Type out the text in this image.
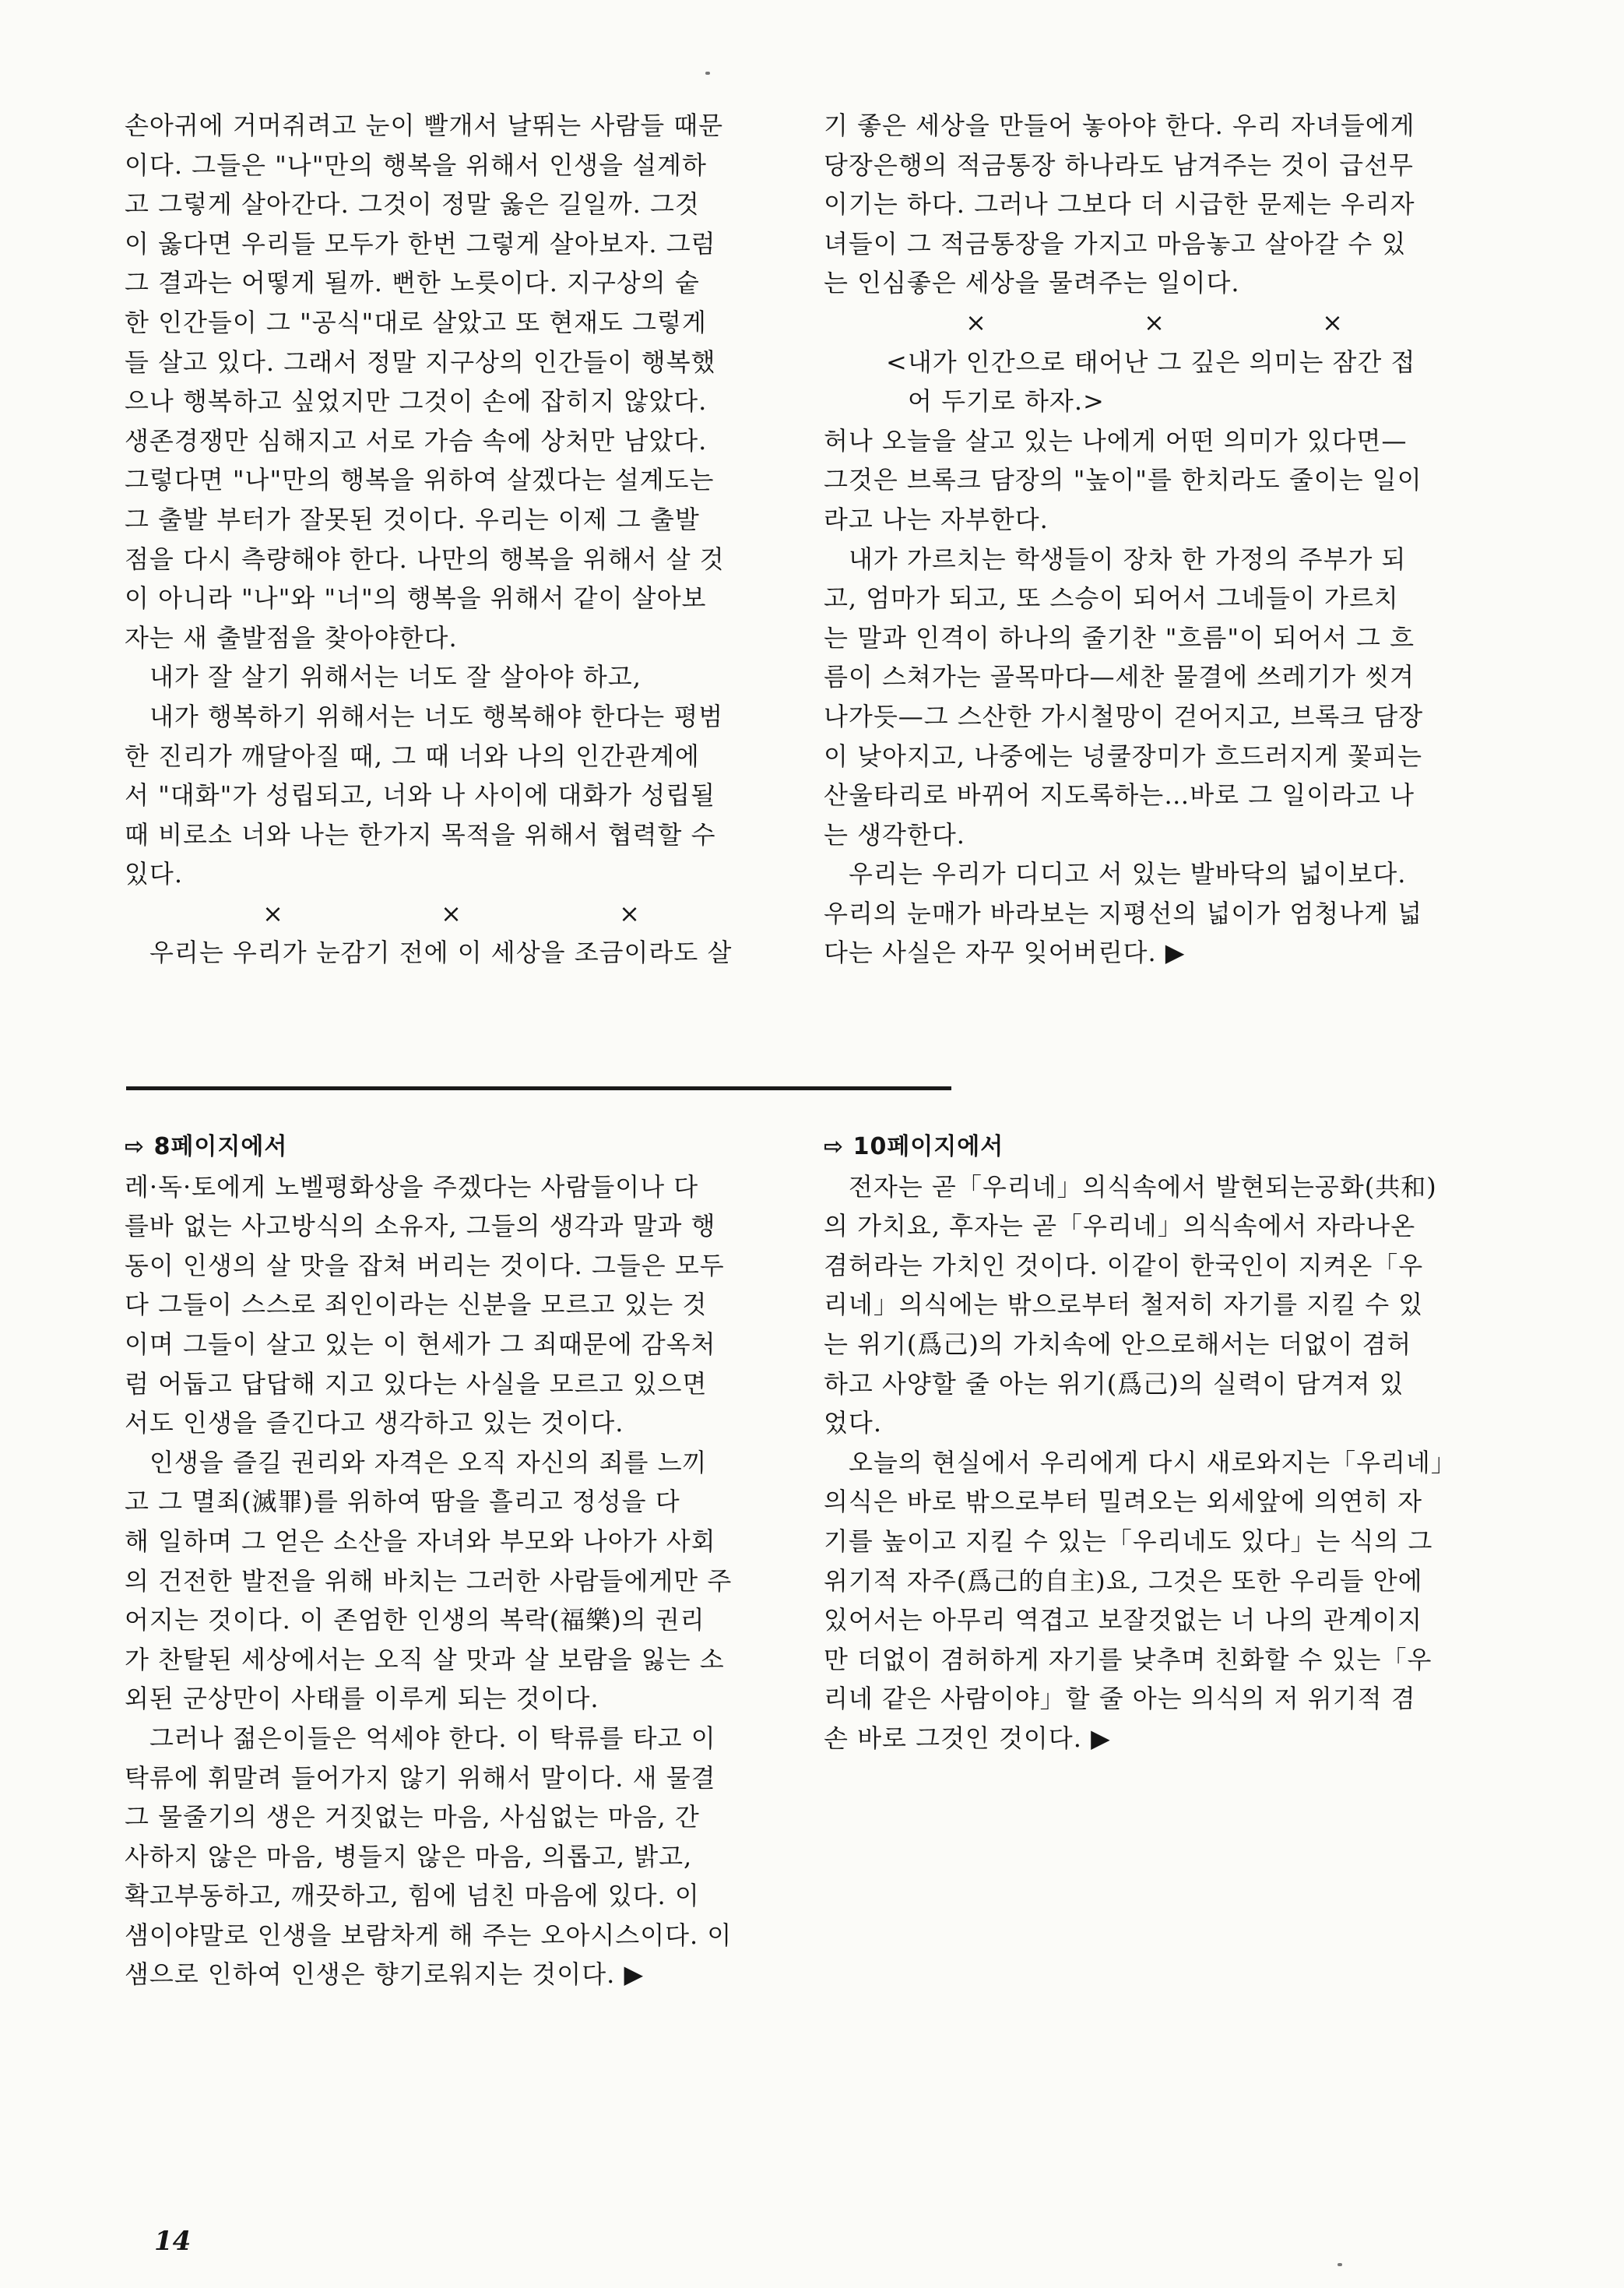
손아귀에 거머쥐려고 눈이 빨개서 날뛰는 사람들 때문

이다. 그들은 "나"만의 행복을 위해서 인생을 설계하

고 그렇게 살아간다. 그것이 정말 옳은 길일까. 그것

이 옳다면 우리들 모두가 한번 그렇게 살아보자. 그럼

그 결과는 어떻게 될까. 뻔한 노릇이다. 지구상의 숱

한 인간들이 그 "공식"대로 살았고 또 현재도 그렇게

들 살고 있다. 그래서 정말 지구상의 인간들이 행복했

으나 행복하고 싶었지만 그것이 손에 잡히지 않았다.

생존경쟁만 심해지고 서로 가슴 속에 상처만 남았다.

그렇다면 "나"만의 행복을 위하여 살겠다는 설계도는

그 출발 부터가 잘못된 것이다. 우리는 이제 그 출발

점을 다시 측량해야 한다. 나만의 행복을 위해서 살 것

이 아니라 "나"와 "너"의 행복을 위해서 같이 살아보

자는 새 출발점을 찾아야한다.

내가 잘 살기 위해서는 너도 잘 살아야 하고,

내가 행복하기 위해서는 너도 행복해야 한다는 평범

한 진리가 깨달아질 때, 그 때 너와 나의 인간관계에

서 "대화"가 성립되고, 너와 나 사이에 대화가 성립될

때 비로소 너와 나는 한가지 목적을 위해서 협력할 수

있다.

× × ×

우리는 우리가 눈감기 전에 이 세상을 조금이라도 살

기 좋은 세상을 만들어 놓아야 한다. 우리 자녀들에게

당장은행의 적금통장 하나라도 남겨주는 것이 급선무

이기는 하다. 그러나 그보다 더 시급한 문제는 우리자

녀들이 그 적금통장을 가지고 마음놓고 살아갈 수 있

는 인심좋은 세상을 물려주는 일이다.

× × ×

<내가 인간으로 태어난 그 깊은 의미는 잠간 접

어 두기로 하자.>

허나 오늘을 살고 있는 나에게 어떤 의미가 있다면—

그것은 브록크 담장의 "높이"를 한치라도 줄이는 일이

라고 나는 자부한다.

내가 가르치는 학생들이 장차 한 가정의 주부가 되

고, 엄마가 되고, 또 스승이 되어서 그네들이 가르치

는 말과 인격이 하나의 줄기찬 "흐름"이 되어서 그 흐

름이 스쳐가는 골목마다—세찬 물결에 쓰레기가 씻겨

나가듯—그 스산한 가시철망이 걷어지고, 브록크 담장

이 낮아지고, 나중에는 넝쿨장미가 흐드러지게 꽃피는

산울타리로 바뀌어 지도록하는…바로 그 일이라고 나

는 생각한다.

우리는 우리가 디디고 서 있는 발바닥의 넓이보다.

우리의 눈매가 바라보는 지평선의 넓이가 엄청나게 넓

다는 사실은 자꾸 잊어버린다. ▶

⇨ 8페이지에서

레·독·토에게 노벨평화상을 주겠다는 사람들이나 다

를바 없는 사고방식의 소유자, 그들의 생각과 말과 행

동이 인생의 살 맛을 잡쳐 버리는 것이다. 그들은 모두

다 그들이 스스로 죄인이라는 신분을 모르고 있는 것

이며 그들이 살고 있는 이 현세가 그 죄때문에 감옥처

럼 어둡고 답답해 지고 있다는 사실을 모르고 있으면

서도 인생을 즐긴다고 생각하고 있는 것이다.

인생을 즐길 권리와 자격은 오직 자신의 죄를 느끼

고 그 멸죄(滅罪)를 위하여 땀을 흘리고 정성을 다

해 일하며 그 얻은 소산을 자녀와 부모와 나아가 사회

의 건전한 발전을 위해 바치는 그러한 사람들에게만 주

어지는 것이다. 이 존엄한 인생의 복락(福樂)의 권리

가 찬탈된 세상에서는 오직 살 맛과 살 보람을 잃는 소

외된 군상만이 사태를 이루게 되는 것이다.

그러나 젊은이들은 억세야 한다. 이 탁류를 타고 이

탁류에 휘말려 들어가지 않기 위해서 말이다. 새 물결

그 물줄기의 생은 거짓없는 마음, 사심없는 마음, 간

사하지 않은 마음, 병들지 않은 마음, 의롭고, 밝고,

확고부동하고, 깨끗하고, 힘에 넘친 마음에 있다. 이

샘이야말로 인생을 보람차게 해 주는 오아시스이다. 이

샘으로 인하여 인생은 향기로워지는 것이다. ▶

⇨ 10페이지에서

전자는 곧「우리네」의식속에서 발현되는공화(共和)

의 가치요, 후자는 곧「우리네」의식속에서 자라나온

겸허라는 가치인 것이다. 이같이 한국인이 지켜온「우

리네」의식에는 밖으로부터 철저히 자기를 지킬 수 있

는 위기(爲己)의 가치속에 안으로해서는 더없이 겸허

하고 사양할 줄 아는 위기(爲己)의 실력이 담겨져 있

었다.

오늘의 현실에서 우리에게 다시 새로와지는「우리네」

의식은 바로 밖으로부터 밀려오는 외세앞에 의연히 자

기를 높이고 지킬 수 있는「우리네도 있다」는 식의 그

위기적 자주(爲己的自主)요, 그것은 또한 우리들 안에

있어서는 아무리 역겹고 보잘것없는 너 나의 관계이지

만 더없이 겸허하게 자기를 낮추며 친화할 수 있는「우

리네 같은 사람이야」할 줄 아는 의식의 저 위기적 겸

손 바로 그것인 것이다. ▶

14
